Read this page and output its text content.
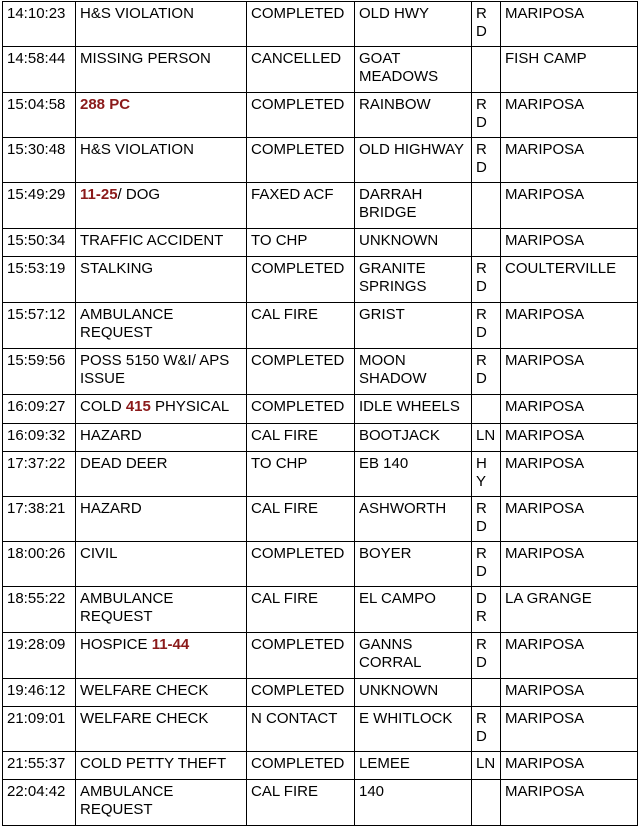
14:10:23	H&S VIOLATION	COMPLETED	OLD HWY	RD	MARIPOSA
14:58:44	MISSING PERSON	CANCELLED	GOAT MEADOWS		FISH CAMP
15:04:58	288 PC	COMPLETED	RAINBOW	RD	MARIPOSA
15:30:48	H&S VIOLATION	COMPLETED	OLD HIGHWAY	RD	MARIPOSA
15:49:29	11-25/ DOG	FAXED ACF	DARRAH BRIDGE		MARIPOSA
15:50:34	TRAFFIC ACCIDENT	TO CHP	UNKNOWN		MARIPOSA
15:53:19	STALKING	COMPLETED	GRANITE SPRINGS	RD	COULTERVILLE
15:57:12	AMBULANCE REQUEST	CAL FIRE	GRIST	RD	MARIPOSA
15:59:56	POSS 5150 W&I/ APS ISSUE	COMPLETED	MOON SHADOW	RD	MARIPOSA
16:09:27	COLD 415 PHYSICAL	COMPLETED	IDLE WHEELS		MARIPOSA
16:09:32	HAZARD	CAL FIRE	BOOTJACK	LN	MARIPOSA
17:37:22	DEAD DEER	TO CHP	EB 140	HY	MARIPOSA
17:38:21	HAZARD	CAL FIRE	ASHWORTH	RD	MARIPOSA
18:00:26	CIVIL	COMPLETED	BOYER	RD	MARIPOSA
18:55:22	AMBULANCE REQUEST	CAL FIRE	EL CAMPO	DR	LA GRANGE
19:28:09	HOSPICE 11-44	COMPLETED	GANNS CORRAL	RD	MARIPOSA
19:46:12	WELFARE CHECK	COMPLETED	UNKNOWN		MARIPOSA
21:09:01	WELFARE CHECK	N CONTACT	E WHITLOCK	RD	MARIPOSA
21:55:37	COLD PETTY THEFT	COMPLETED	LEMEE	LN	MARIPOSA
22:04:42	AMBULANCE REQUEST	CAL FIRE	140		MARIPOSA
